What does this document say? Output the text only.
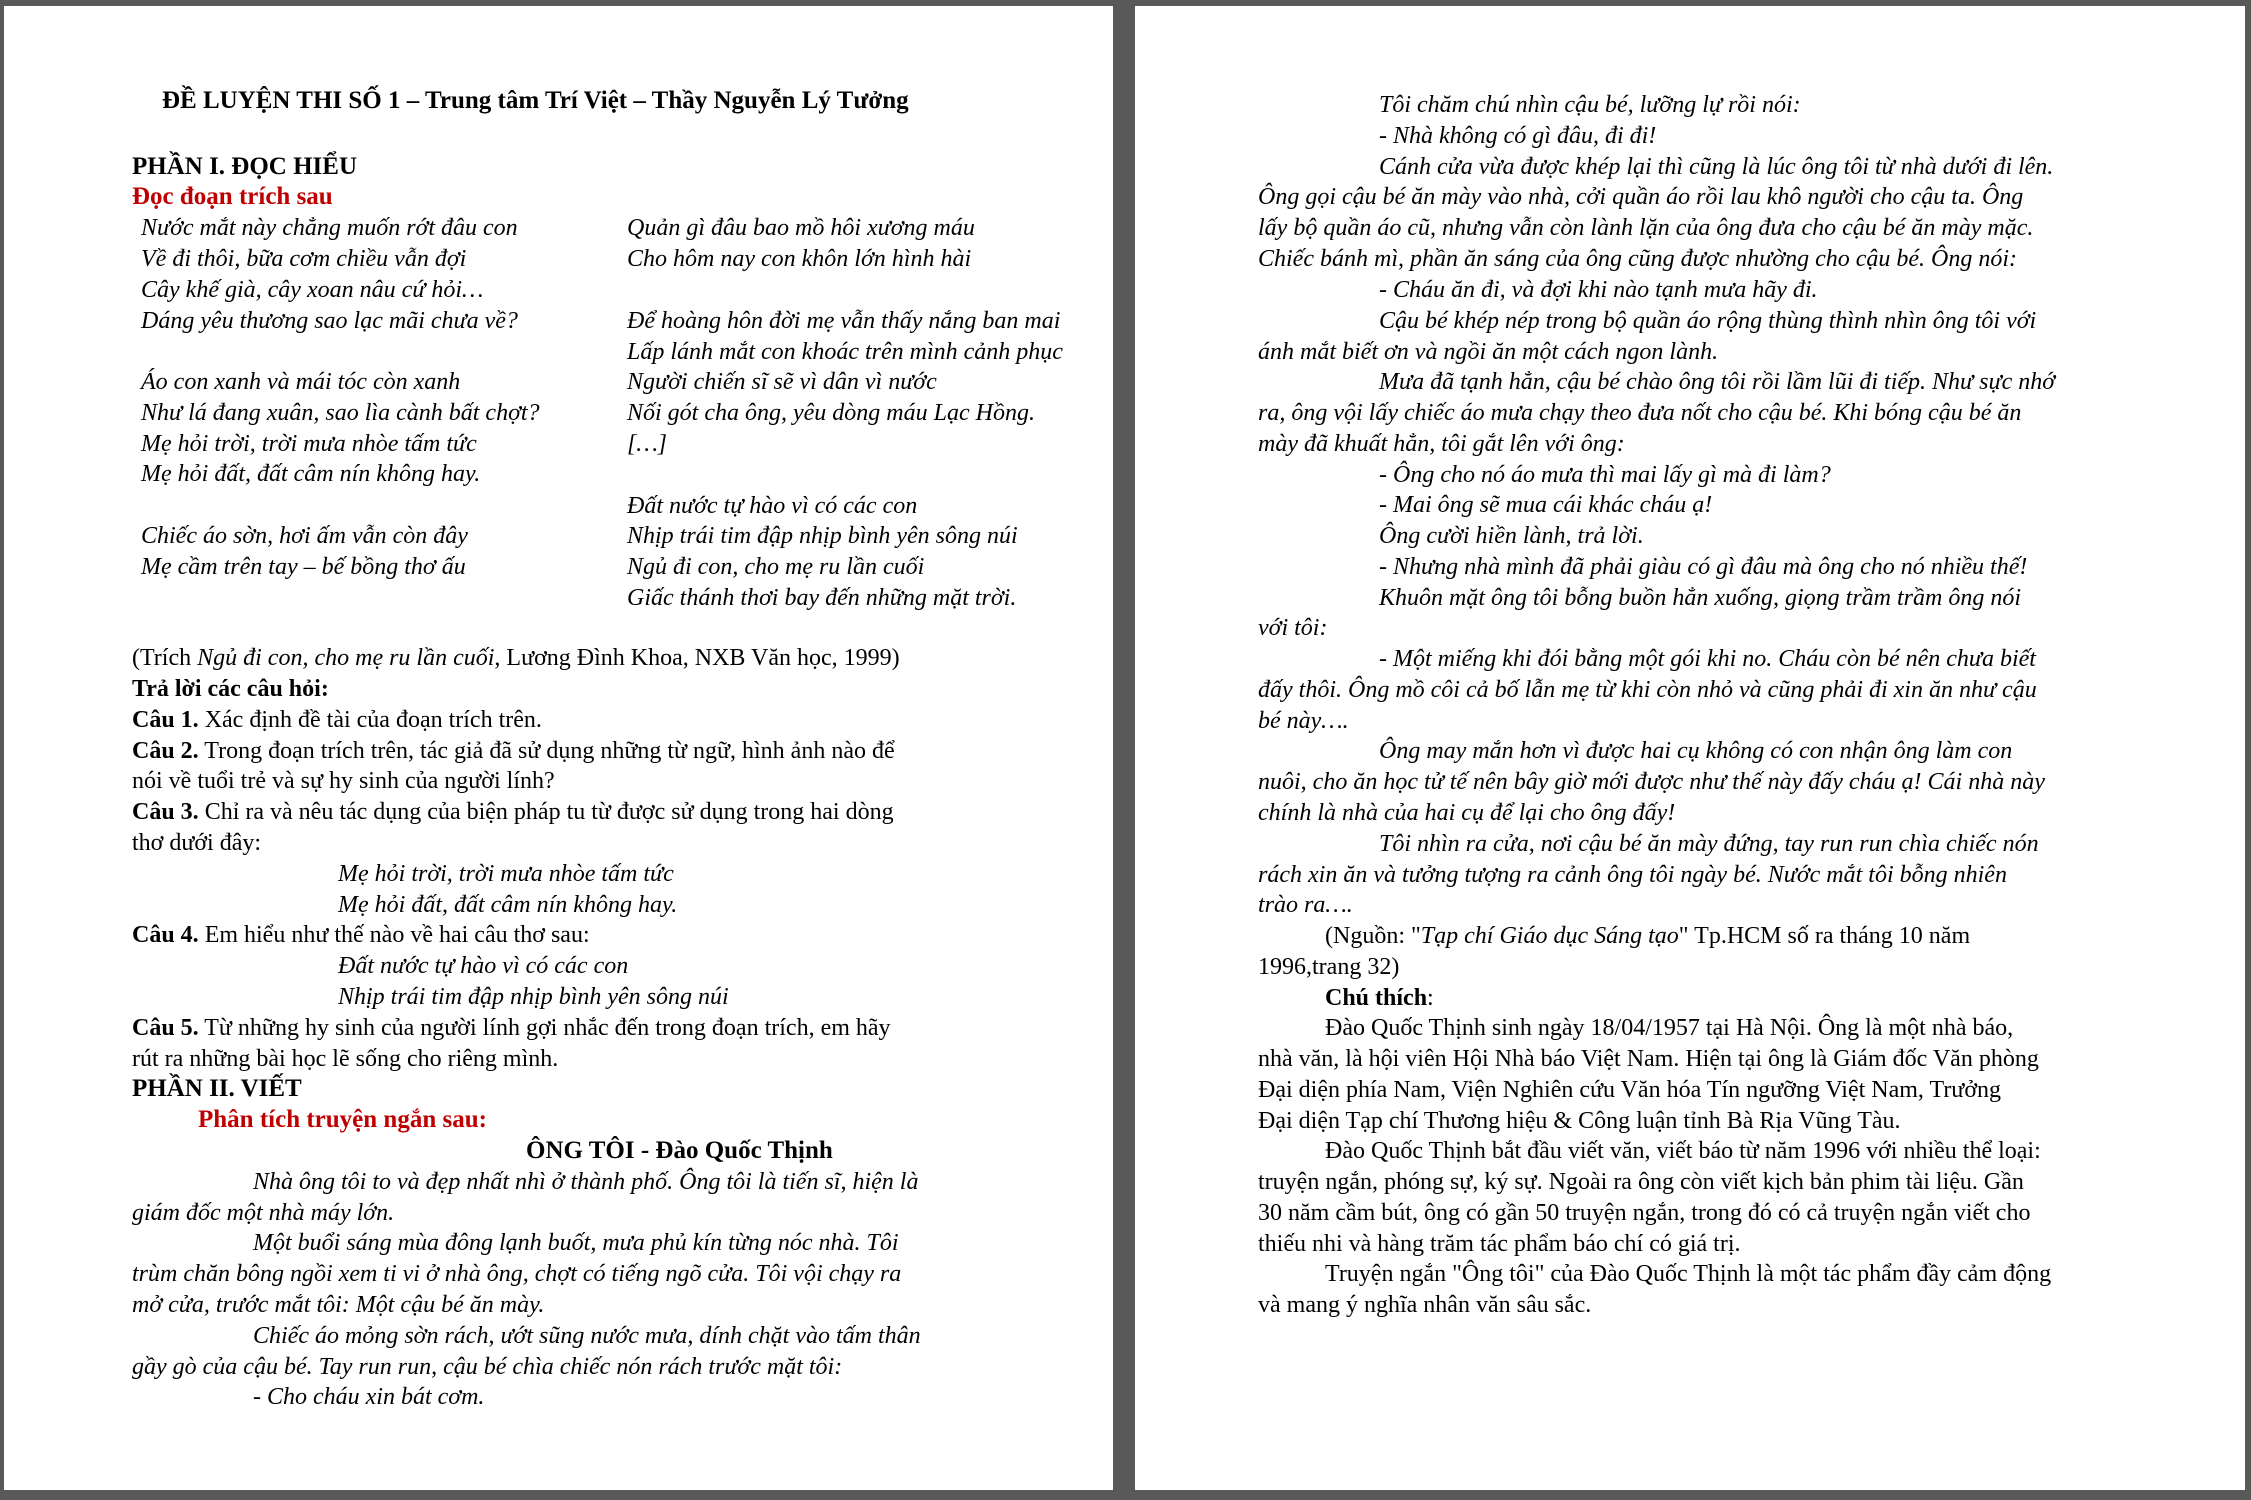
ĐỀ LUYỆN THI SỐ 1 – Trung tâm Trí Việt – Thầy Nguyễn Lý Tưởng
PHẦN I. ĐỌC HIỂU
Đọc đoạn trích sau
Nước mắt này chẳng muốn rớt đâu con
Về đi thôi, bữa cơm chiều vẫn đợi
Cây khế già, cây xoan nâu cứ hỏi…
Dáng yêu thương sao lạc mãi chưa về?
Áo con xanh và mái tóc còn xanh
Như lá đang xuân, sao lìa cành bất chợt?
Mẹ hỏi trời, trời mưa nhòe tấm tức
Mẹ hỏi đất, đất câm nín không hay.
Chiếc áo sờn, hơi ấm vẫn còn đây
Mẹ cầm trên tay – bế bồng thơ ấu
Quản gì đâu bao mồ hôi xương máu
Cho hôm nay con khôn lớn hình hài
Để hoàng hôn đời mẹ vẫn thấy nắng ban mai
Lấp lánh mắt con khoác trên mình cảnh phục
Người chiến sĩ sẽ vì dân vì nước
Nối gót cha ông, yêu dòng máu Lạc Hồng.
[…]
Đất nước tự hào vì có các con
Nhịp trái tim đập nhịp bình yên sông núi
Ngủ đi con, cho mẹ ru lần cuối
Giấc thánh thơi bay đến những mặt trời.
(Trích Ngủ đi con, cho mẹ ru lần cuối, Lương Đình Khoa, NXB Văn học, 1999)
Trả lời các câu hỏi:
Câu 1. Xác định đề tài của đoạn trích trên.
Câu 2. Trong đoạn trích trên, tác giả đã sử dụng những từ ngữ, hình ảnh nào để
nói về tuổi trẻ và sự hy sinh của người lính?
Câu 3. Chỉ ra và nêu tác dụng của biện pháp tu từ được sử dụng trong hai dòng
thơ dưới đây:
Mẹ hỏi trời, trời mưa nhòe tấm tức
Mẹ hỏi đất, đất câm nín không hay.
Câu 4. Em hiểu như thế nào về hai câu thơ sau:
Đất nước tự hào vì có các con
Nhịp trái tim đập nhịp bình yên sông núi
Câu 5. Từ những hy sinh của người lính gợi nhắc đến trong đoạn trích, em hãy
rút ra những bài học lẽ sống cho riêng mình.
PHẦN II. VIẾT
Phân tích truyện ngắn sau:
ÔNG TÔI - Đào Quốc Thịnh
Nhà ông tôi to và đẹp nhất nhì ở thành phố. Ông tôi là tiến sĩ, hiện là
giám đốc một nhà máy lớn.
Một buổi sáng mùa đông lạnh buốt, mưa phủ kín từng nóc nhà. Tôi
trùm chăn bông ngồi xem ti vi ở nhà ông, chợt có tiếng ngõ cửa. Tôi vội chạy ra
mở cửa, trước mắt tôi: Một cậu bé ăn mày.
Chiếc áo mỏng sờn rách, ướt sũng nước mưa, dính chặt vào tấm thân
gầy gò của cậu bé. Tay run run, cậu bé chìa chiếc nón rách trước mặt tôi:
- Cho cháu xin bát cơm.
Tôi chăm chú nhìn cậu bé, lưỡng lự rồi nói:
- Nhà không có gì đâu, đi đi!
Cánh cửa vừa được khép lại thì cũng là lúc ông tôi từ nhà dưới đi lên.
Ông gọi cậu bé ăn mày vào nhà, cởi quần áo rồi lau khô người cho cậu ta. Ông
lấy bộ quần áo cũ, nhưng vẫn còn lành lặn của ông đưa cho cậu bé ăn mày mặc.
Chiếc bánh mì, phần ăn sáng của ông cũng được nhường cho cậu bé. Ông nói:
- Cháu ăn đi, và đợi khi nào tạnh mưa hãy đi.
Cậu bé khép nép trong bộ quần áo rộng thùng thình nhìn ông tôi với
ánh mắt biết ơn và ngồi ăn một cách ngon lành.
Mưa đã tạnh hẳn, cậu bé chào ông tôi rồi lầm lũi đi tiếp. Như sực nhớ
ra, ông vội lấy chiếc áo mưa chạy theo đưa nốt cho cậu bé. Khi bóng cậu bé ăn
mày đã khuất hẳn, tôi gắt lên với ông:
- Ông cho nó áo mưa thì mai lấy gì mà đi làm?
- Mai ông sẽ mua cái khác cháu ạ!
Ông cười hiền lành, trả lời.
- Nhưng nhà mình đã phải giàu có gì đâu mà ông cho nó nhiều thế!
Khuôn mặt ông tôi bỗng buồn hẳn xuống, giọng trầm trầm ông nói
với tôi:
- Một miếng khi đói bằng một gói khi no. Cháu còn bé nên chưa biết
đấy thôi. Ông mồ côi cả bố lẫn mẹ từ khi còn nhỏ và cũng phải đi xin ăn như cậu
bé này….
Ông may mắn hơn vì được hai cụ không có con nhận ông làm con
nuôi, cho ăn học tử tế nên bây giờ mới được như thế này đấy cháu ạ! Cái nhà này
chính là nhà của hai cụ để lại cho ông đấy!
Tôi nhìn ra cửa, nơi cậu bé ăn mày đứng, tay run run chìa chiếc nón
rách xin ăn và tưởng tượng ra cảnh ông tôi ngày bé. Nước mắt tôi bỗng nhiên
trào ra….
(Nguồn: "Tạp chí Giáo dục Sáng tạo" Tp.HCM số ra tháng 10 năm
1996,trang 32)
Chú thích:
Đào Quốc Thịnh sinh ngày 18/04/1957 tại Hà Nội. Ông là một nhà báo,
nhà văn, là hội viên Hội Nhà báo Việt Nam. Hiện tại ông là Giám đốc Văn phòng
Đại diện phía Nam, Viện Nghiên cứu Văn hóa Tín ngưỡng Việt Nam, Trưởng
Đại diện Tạp chí Thương hiệu & Công luận tỉnh Bà Rịa Vũng Tàu.
Đào Quốc Thịnh bắt đầu viết văn, viết báo từ năm 1996 với nhiều thể loại:
truyện ngắn, phóng sự, ký sự. Ngoài ra ông còn viết kịch bản phim tài liệu. Gần
30 năm cầm bút, ông có gần 50 truyện ngắn, trong đó có cả truyện ngắn viết cho
thiếu nhi và hàng trăm tác phẩm báo chí có giá trị.
Truyện ngắn "Ông tôi" của Đào Quốc Thịnh là một tác phẩm đầy cảm động
và mang ý nghĩa nhân văn sâu sắc.
